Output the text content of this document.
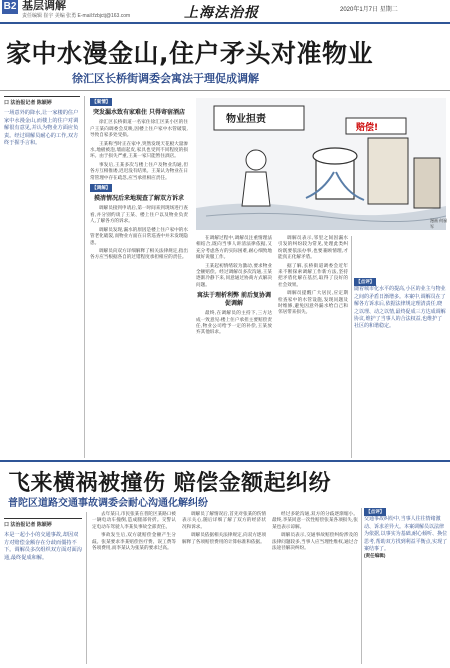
B2 基层调解
责任编辑 崔宇 美编 张勇 E-mail:fzbjctj@163.com	上海法治报	2020年1月7日 星期二
家中水漫金山,住户矛头对准物业
徐汇区长桥街调委会寓法于理促成调解
口 法治报记者 陈颖婷
一场意外的降水,让一家楼的住户家中水漫金山,而楼上的住户对调解很有意见,并认为物业方面应负责。经过调解员耐心的工作,双方终于握手言和。
【案情】
突发漏水致有家难住 只得寄宿酒店

徐汇区长桥街道一名家住徐汇区某小区的住户王某向调委会反映,因楼上住户家中水管破裂,导致自家多处受损。

王某称当时正在家中,突然发现天花板大量渗水,地板被泡,墙面起皮,家具也受到不同程度的损坏。由于损失严重,王某一家只能暂住酒店。

事发后,王某多次与楼上住户及物业沟通,但各方互相推诿,迟迟没有结果。王某认为物业在日常管理中存在疏忽,应当承担相应责任。

【调解】
摸清情况后来地现查了解双方诉求

调解员接到申请后,第一时间来到现场进行查看,并分别约谈了王某、楼上住户以及物业负责人,了解各方的诉求。

调解员发现,漏水的原因是楼上住户家中的水管老化破裂,而物业方面在日常巡查中并未发现隐患。

调解员向双方详细解释了相关法律规定,指出各方应当根据各自的过错程度承担相应的责任。

物业担责
赔偿!
漫画 何禄军

在调解过程中,调解员注重情理法相结合,既向当事人讲清法律依据,又充分考虑各方的实际困难,耐心细致地做好说服工作。

王某起初情绪较为激动,要求物业全额赔偿。经过调解员多次沟通,王某逐渐冷静下来,同意通过协商方式解决问题。

寓法于理析利弊 前后复协调促调解

最终,在调解员的主持下,三方达成一致意见:楼上住户承担主要赔偿责任,物业公司给予一定的补偿,王某放弃其他诉求。

调解员表示,邻里之间因漏水引发的纠纷较为常见,处理此类纠纷既要依法办事,也要兼顾情理,才能真正化解矛盾。

据了解,长桥街道调委会近年来不断探索调解工作新方法,坚持把矛盾化解在基层,取得了良好的社会效果。

调解员提醒广大居民,应定期检查家中的水管设施,发现问题及时维修,避免因意外漏水给自己和邻居带来损失。

【点评】
随着城市化水平的提高,小区的业主与物业之间的矛盾日渐增多。本案中,调解员在了解各方诉求后,依据法律规定理清责任,晓之以理、动之以情,最终促成三方达成调解协议,维护了当事人的合法权益,也维护了社区的和谐稳定。
飞来横祸被撞伤 赔偿金额起纠纷
普陀区道路交通事故调委会耐心沟通化解纠纷
口 法治报记者 陈颖婷
本是一起小小的交通事故,却因双方对赔偿金额存在分歧而僵持不下。调解员多次组织双方面对面沟通,最终促成和解。

去年某日,市民张某在普陀区某路口被一辆电动车撞倒,造成腿部骨折。交警认定电动车驾驶人李某负事故全部责任。

事故发生后,双方就赔偿金额产生分歧。张某要求李某赔偿医疗费、误工费等各项费用,而李某认为张某的要求过高。

调解员了解情况后,首先对张某的伤情表示关心,随后详细了解了双方的经济状况和诉求。

调解员依据相关法律规定,向双方逐项解释了各项赔偿费用的计算标准和依据。

经过多轮沟通,双方的分歧逐渐缩小。最终,李某同意一次性赔偿张某各项损失,张某也表示谅解。

调解员表示,交通事故赔偿纠纷涉及的法律问题较多,当事人应当理性维权,通过合法途径解决纠纷。

【点评】
交通事故纠纷中,当事人往往情绪激动、诉求差异大。本案调解员以法律为依据,以事实为基础,耐心倾听、换位思考,帮助双方找到利益平衡点,实现了案结事了。
(责任编辑)
